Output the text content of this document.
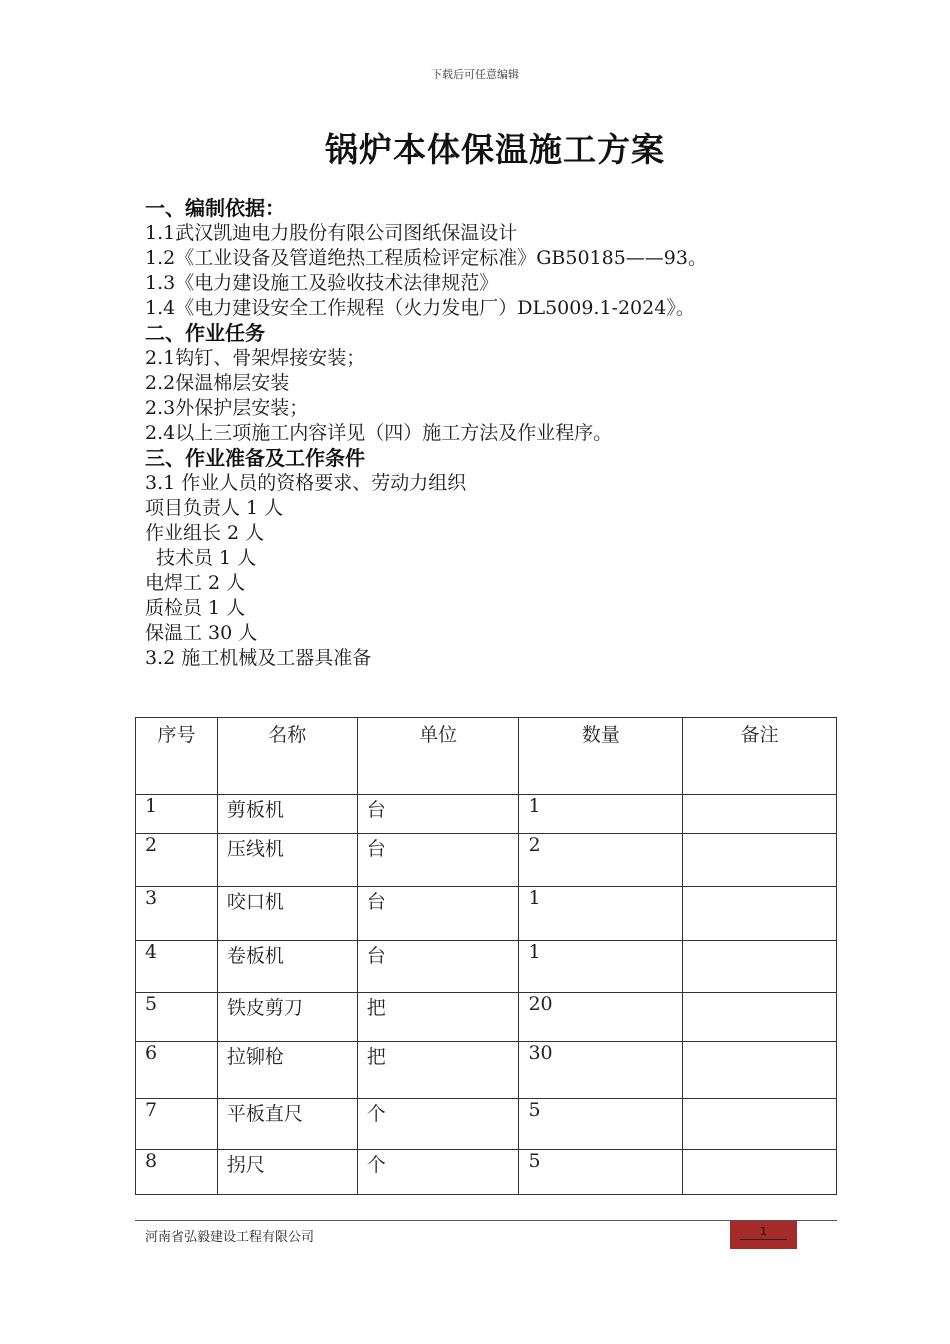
下载后可任意编辑
锅炉本体保温施工方案
一、编制依据：
1.1武汉凯迪电力股份有限公司图纸保温设计
1.2《工业设备及管道绝热工程质检评定标准》GB50185——93。
1.3《电力建设施工及验收技术法律规范》
1.4《电力建设安全工作规程（火力发电厂）DL5009.1-2024》。
二、作业任务
2.1钩钉、骨架焊接安装；
2.2保温棉层安装
2.3外保护层安装；
2.4以上三项施工内容详见（四）施工方法及作业程序。
三、作业准备及工作条件
3.1 作业人员的资格要求、劳动力组织
项目负责人 1 人
作业组长 2 人
技术员 1 人
电焊工 2 人
质检员 1 人
保温工 30 人
3.2 施工机械及工器具准备
序号	名称	单位	数量	备注
1	剪板机	台	1	
2	压线机	台	2	
3	咬口机	台	1	
4	卷板机	台	1	
5	铁皮剪刀	把	20	
6	拉铆枪	把	30	
7	平板直尺	个	5	
8	拐尺	个	5	
河南省弘毅建设工程有限公司	1
